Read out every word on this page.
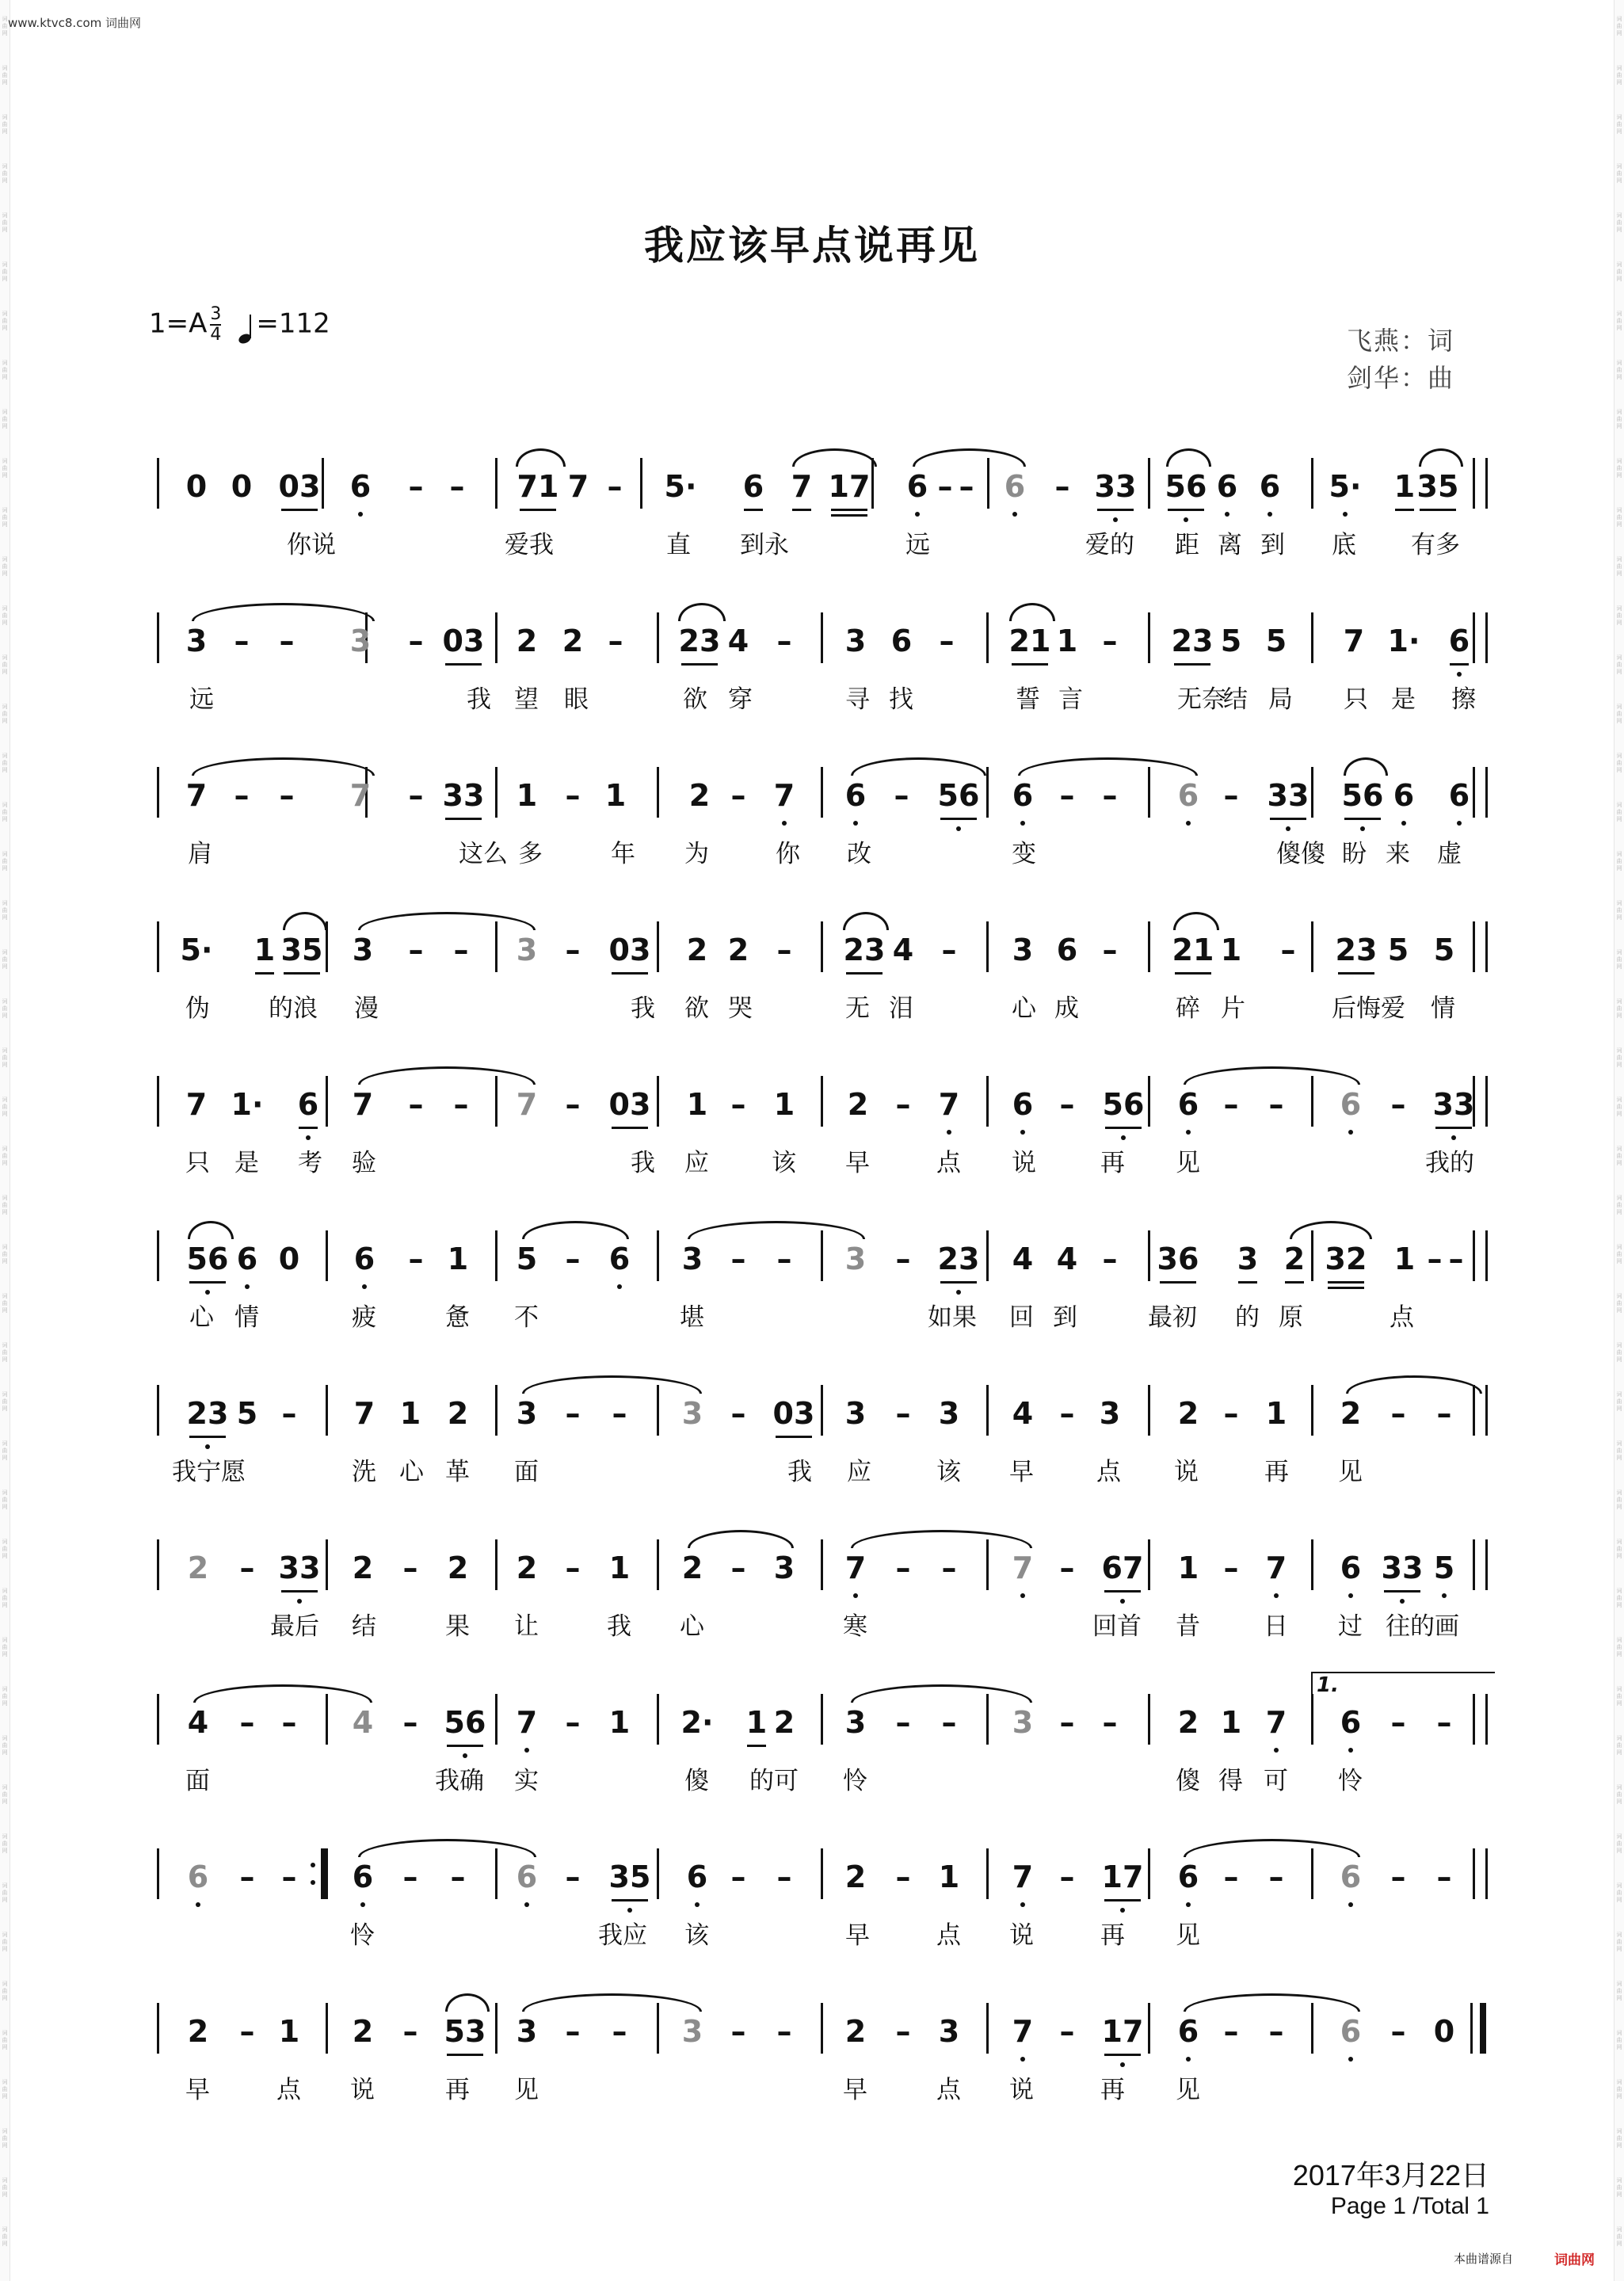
词
曲
网
词
曲
网
词
曲
网
词
曲
网
词
曲
网
词
曲
网
词
曲
网
词
曲
网
词
曲
网
词
曲
网
词
曲
网
词
曲
网
词
曲
网
词
曲
网
词
曲
网
词
曲
网
词
曲
网
词
曲
网
词
曲
网
词
曲
网
词
曲
网
词
曲
网
词
曲
网
词
曲
网
词
曲
网
词
曲
网
词
曲
网
词
曲
网
词
曲
网
词
曲
网
词
曲
网
词
曲
网
词
曲
网
词
曲
网
词
曲
网
词
曲
网
词
曲
网
词
曲
网
词
曲
网
词
曲
网
词
曲
网
词
曲
网
词
曲
网
词
曲
网
词
曲
网
词
曲
网
词
曲
网
词
曲
网
词
曲
网
词
曲
网
词
曲
网
词
曲
网
词
曲
网
词
曲
网
词
曲
网
词
曲
网
词
曲
网
词
曲
网
词
曲
网
词
曲
网
词
曲
网
词
曲
网
词
曲
网
词
曲
网
词
曲
网
词
曲
网
词
曲
网
词
曲
网
词
曲
网
词
曲
网
词
曲
网
词
曲
网
词
曲
网
词
曲
网
词
曲
网
词
曲
网
词
曲
网
词
曲
网
词
曲
网
词
曲
网
词
曲
网
词
曲
网
词
曲
网
词
曲
网
词
曲
网
词
曲
网
词
曲
网
词
曲
网
词
曲
网
词
曲
网
词
曲
网
词
曲
网
www.ktvc8.com 词曲网
我应该早点说再见
$1=A \frac{3}{4} =112$
飞燕：词
剑华：曲
0 0 03 6 – – 71 7 – 5· 6 7 17 6 – – 6 – 33 56 6 6 5· 1 35
你说	爱我	直 到永	远	爱的 距 离 到 底 有多
3 – – 3 – 03 2 2 – 23 4 – 3 6 – 21 1 – 23 5 5 7 1· 6
远	我 望 眼	欲 穿	寻 找	誓 言	无奈
结 局 只 是 擦
7 – – 7 – 33 1 – 1 2 – 7 6 – 56 6 – – 6 – 33 56 6 6
肩	这么 多	年 为	你 改	变	傻傻 盼 来 虚
5· 1 35 3 – – 3 – 03 2 2 – 23 4 – 3 6 – 21 1 – 23 5 5
伪 的浪 漫	我 欲 哭	无 泪	心 成	碎 片	后悔爱 情
7 1· 6 7 – – 7 – 03 1 – 1 2 – 7 6 – 56 6 – – 6 – 33
只 是 考 验	我 应	该 早	点 说	再 见	我的
56 6 0 6 – 1 5 – 6 3 – – 3 – 23 4 4 – 36 3 2 32 1 – –
心 情	疲	惫 不	堪	如果 回 到	最初 的 原	点
23 5 – 7 1 2 3 – – 3 – 03 3 – 3 4 – 3 2 – 1 2 – –
我宁愿	洗 心 革 面	我 应	该 早	点 说	再 见
2 – 33 2 – 2 2 – 1 2 – 3 7 – – 7 – 67 1 – 7 6 33 5
最后 结	果 让	我 心	寒	回首 昔	日 过 往的画
4 – – 4 – 56 7 – 1 2· 1 2 3 – – 3 – – 2 1 7 6 – –
面	我确 实	傻 的可 怜	傻 得 可 怜
1.
6 – – 6 – – 6 – 35 6 – – 2 – 1 7 – 17 6 – – 6 – –
怜	我应 该	早	点 说	再 见
2 – 1 2 – 53 3 – – 3 – – 2 – 3 7 – 17 6 – – 6 – 0
早	点 说	再 见	早	点 说	再 见
2017年3月22日
Page 1 /Total 1
本曲谱源自	词曲网
